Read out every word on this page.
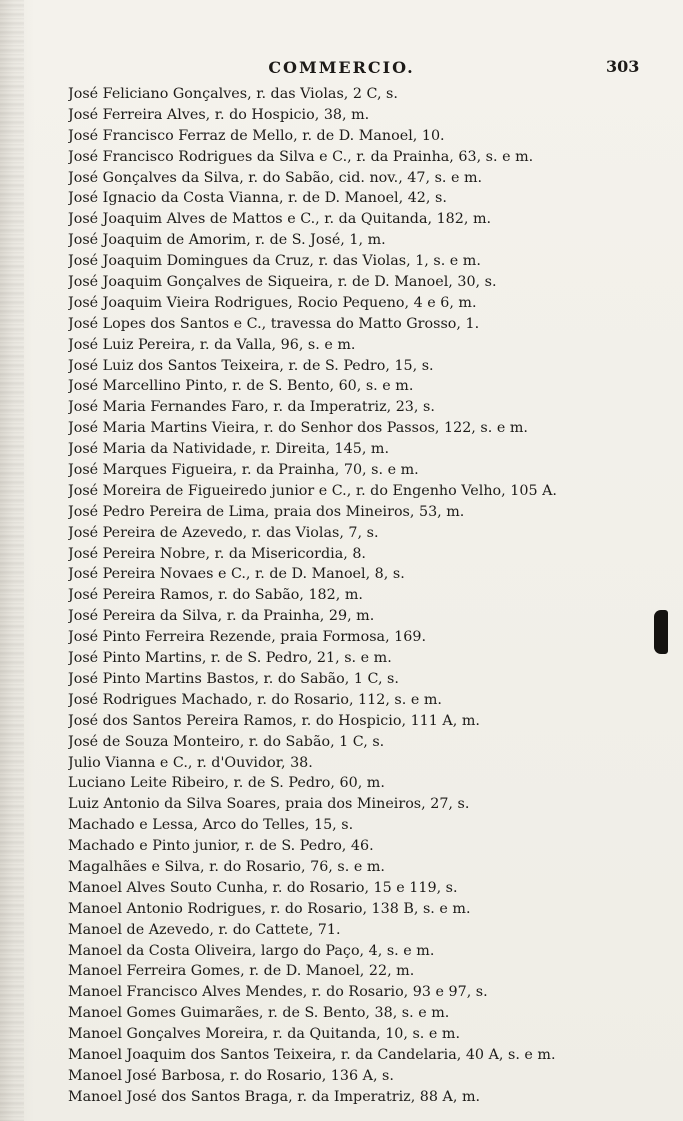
COMMERCIO.	303
José Feliciano Gonçalves, r. das Violas, 2 C, s.
José Ferreira Alves, r. do Hospicio, 38, m.
José Francisco Ferraz de Mello, r. de D. Manoel, 10.
José Francisco Rodrigues da Silva e C., r. da Prainha, 63, s. e m.
José Gonçalves da Silva, r. do Sabão, cid. nov., 47, s. e m.
José Ignacio da Costa Vianna, r. de D. Manoel, 42, s.
José Joaquim Alves de Mattos e C., r. da Quitanda, 182, m.
José Joaquim de Amorim, r. de S. José, 1, m.
José Joaquim Domingues da Cruz, r. das Violas, 1, s. e m.
José Joaquim Gonçalves de Siqueira, r. de D. Manoel, 30, s.
José Joaquim Vieira Rodrigues, Rocio Pequeno, 4 e 6, m.
José Lopes dos Santos e C., travessa do Matto Grosso, 1.
José Luiz Pereira, r. da Valla, 96, s. e m.
José Luiz dos Santos Teixeira, r. de S. Pedro, 15, s.
José Marcellino Pinto, r. de S. Bento, 60, s. e m.
José Maria Fernandes Faro, r. da Imperatriz, 23, s.
José Maria Martins Vieira, r. do Senhor dos Passos, 122, s. e m.
José Maria da Natividade, r. Direita, 145, m.
José Marques Figueira, r. da Prainha, 70, s. e m.
José Moreira de Figueiredo junior e C., r. do Engenho Velho, 105 A.
José Pedro Pereira de Lima, praia dos Mineiros, 53, m.
José Pereira de Azevedo, r. das Violas, 7, s.
José Pereira Nobre, r. da Misericordia, 8.
José Pereira Novaes e C., r. de D. Manoel, 8, s.
José Pereira Ramos, r. do Sabão, 182, m.
José Pereira da Silva, r. da Prainha, 29, m.
José Pinto Ferreira Rezende, praia Formosa, 169.
José Pinto Martins, r. de S. Pedro, 21, s. e m.
José Pinto Martins Bastos, r. do Sabão, 1 C, s.
José Rodrigues Machado, r. do Rosario, 112, s. e m.
José dos Santos Pereira Ramos, r. do Hospicio, 111 A, m.
José de Souza Monteiro, r. do Sabão, 1 C, s.
Julio Vianna e C., r. d'Ouvidor, 38.
Luciano Leite Ribeiro, r. de S. Pedro, 60, m.
Luiz Antonio da Silva Soares, praia dos Mineiros, 27, s.
Machado e Lessa, Arco do Telles, 15, s.
Machado e Pinto junior, r. de S. Pedro, 46.
Magalhães e Silva, r. do Rosario, 76, s. e m.
Manoel Alves Souto Cunha, r. do Rosario, 15 e 119, s.
Manoel Antonio Rodrigues, r. do Rosario, 138 B, s. e m.
Manoel de Azevedo, r. do Cattete, 71.
Manoel da Costa Oliveira, largo do Paço, 4, s. e m.
Manoel Ferreira Gomes, r. de D. Manoel, 22, m.
Manoel Francisco Alves Mendes, r. do Rosario, 93 e 97, s.
Manoel Gomes Guimarães, r. de S. Bento, 38, s. e m.
Manoel Gonçalves Moreira, r. da Quitanda, 10, s. e m.
Manoel Joaquim dos Santos Teixeira, r. da Candelaria, 40 A, s. e m.
Manoel José Barbosa, r. do Rosario, 136 A, s.
Manoel José dos Santos Braga, r. da Imperatriz, 88 A, m.
